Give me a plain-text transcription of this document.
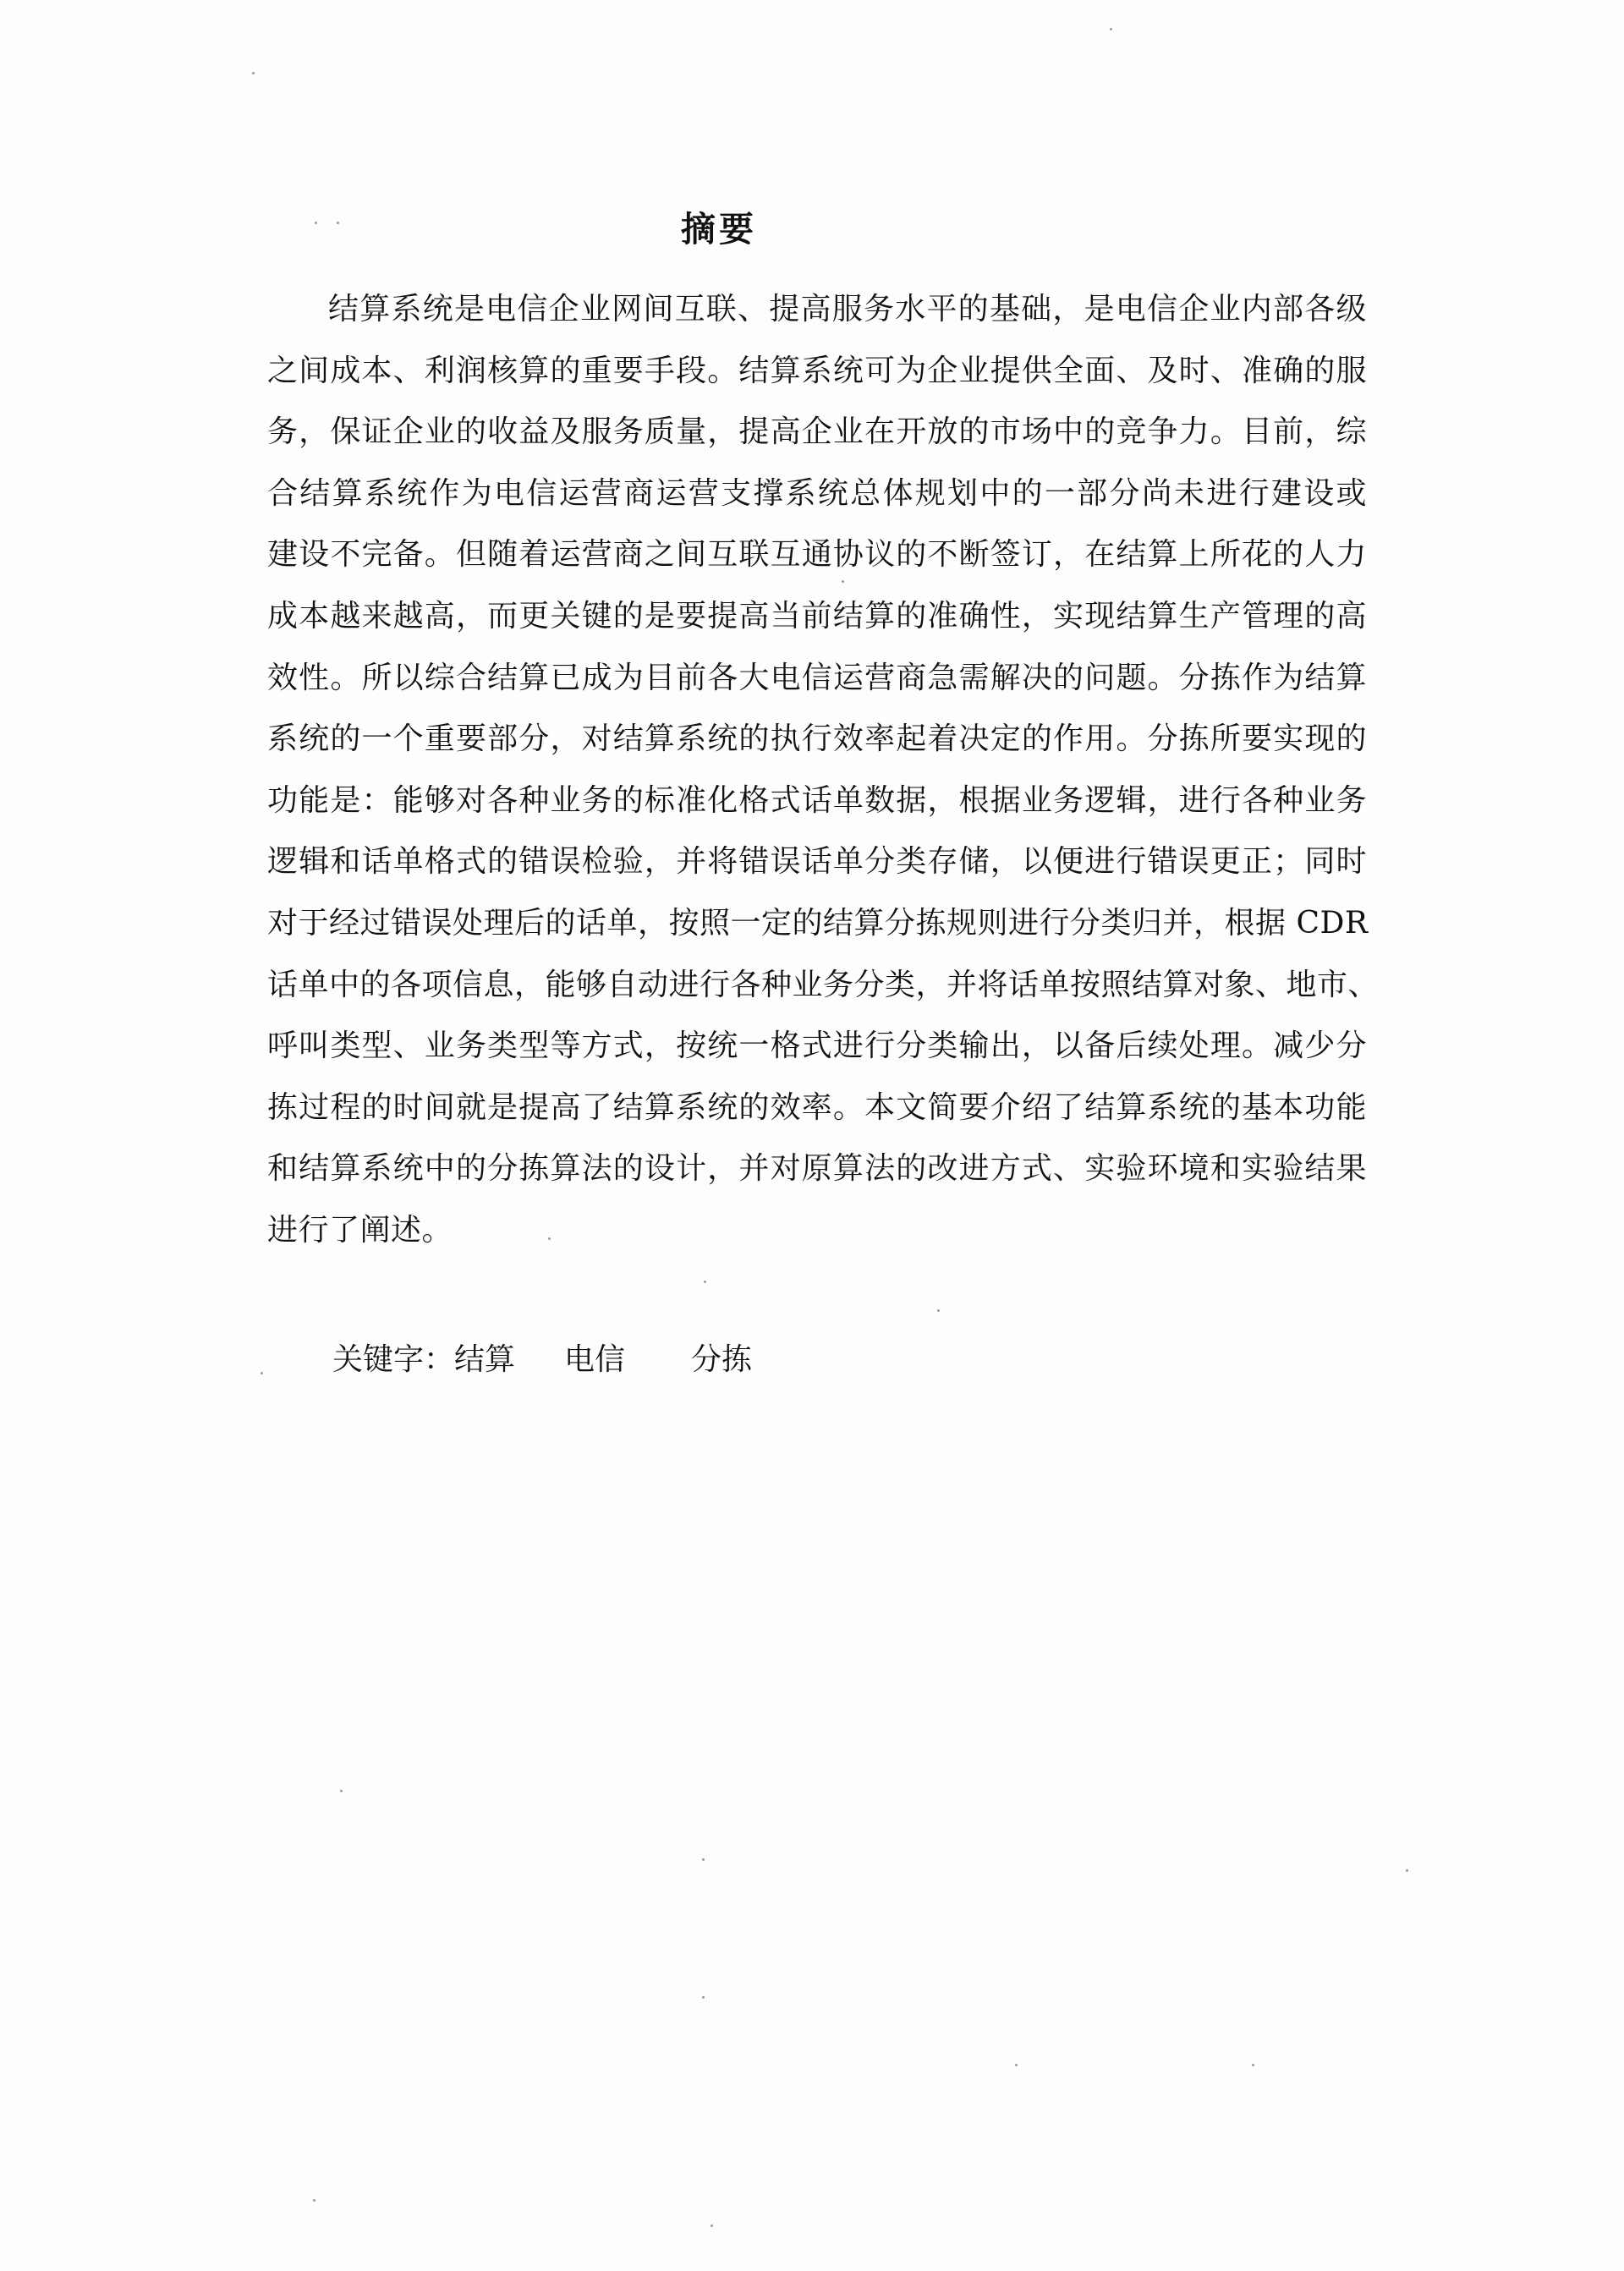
摘要
结算系统是电信企业网间互联、提高服务水平的基础，是电信企业内部各级
之间成本、利润核算的重要手段。结算系统可为企业提供全面、及时、准确的服
务，保证企业的收益及服务质量，提高企业在开放的市场中的竞争力。目前，综
合结算系统作为电信运营商运营支撑系统总体规划中的一部分尚未进行建设或
建设不完备。但随着运营商之间互联互通协议的不断签订，在结算上所花的人力
成本越来越高，而更关键的是要提高当前结算的准确性，实现结算生产管理的高
效性。所以综合结算已成为目前各大电信运营商急需解决的问题。分拣作为结算
系统的一个重要部分，对结算系统的执行效率起着决定的作用。分拣所要实现的
功能是：能够对各种业务的标准化格式话单数据，根据业务逻辑，进行各种业务
逻辑和话单格式的错误检验，并将错误话单分类存储，以便进行错误更正；同时
对于经过错误处理后的话单，按照一定的结算分拣规则进行分类归并，根据 CDR
话单中的各项信息，能够自动进行各种业务分类，并将话单按照结算对象、地市、
呼叫类型、业务类型等方式，按统一格式进行分类输出，以备后续处理。减少分
拣过程的时间就是提高了结算系统的效率。本文简要介绍了结算系统的基本功能
和结算系统中的分拣算法的设计，并对原算法的改进方式、实验环境和实验结果
进行了阐述。
关键字：结算 电信 分拣
